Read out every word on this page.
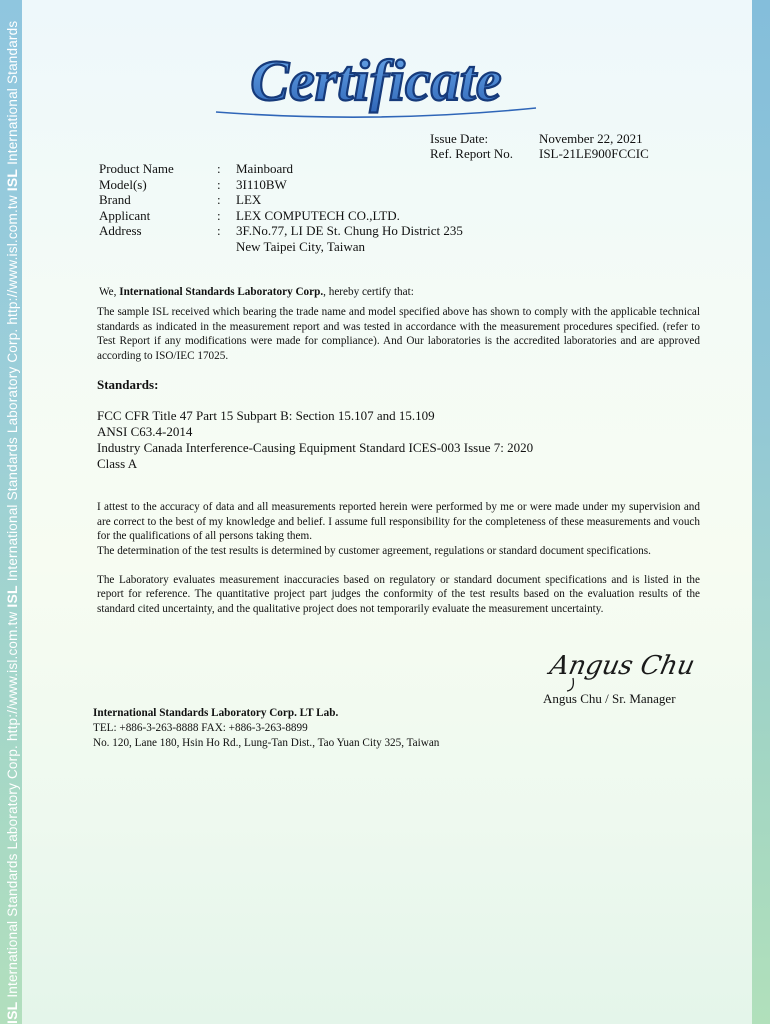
ISL International Standards Laboratory Corp. http://www.isl.com.tw ISL International Standards Laboratory Corp. http://www.isl.com.tw ISL International Standards	Certificate
Issue Date:	November 22, 2021
Ref. Report No. ISL-21LE900FCCIC
Product Name	:	Mainboard
Model(s)	:	3I110BW
Brand	:	LEX
Applicant	:	LEX COMPUTECH CO.,LTD.
Address	:	3F.No.77, LI DE St. Chung Ho District 235
New Taipei City, Taiwan
We, International Standards Laboratory Corp., hereby certify that:
The sample ISL received which bearing the trade name and model specified above has shown to comply with the applicable technical standards as indicated in the measurement report and was tested in accordance with the measurement procedures specified. (refer to Test Report if any modifications were made for compliance). And Our laboratories is the accredited laboratories and are approved according to ISO/IEC 17025.
Standards:
FCC CFR Title 47 Part 15 Subpart B: Section 15.107 and 15.109
ANSI C63.4-2014
Industry Canada Interference-Causing Equipment Standard ICES-003 Issue 7: 2020
Class A
I attest to the accuracy of data and all measurements reported herein were performed by me or were made under my supervision and are correct to the best of my knowledge and belief. I assume full responsibility for the completeness of these measurements and vouch for the qualifications of all persons taking them.
The determination of the test results is determined by customer agreement, regulations or standard document specifications.
The Laboratory evaluates measurement inaccuracies based on regulatory or standard document specifications and is listed in the report for reference. The quantitative project part judges the conformity of the test results based on the evaluation results of the standard cited uncertainty, and the qualitative project does not temporarily evaluate the measurement uncertainty.
Angus Chu
Angus Chu / Sr. Manager
International Standards Laboratory Corp. LT Lab.
TEL: +886-3-263-8888 FAX: +886-3-263-8899
No. 120, Lane 180, Hsin Ho Rd., Lung-Tan Dist., Tao Yuan City 325, Taiwan
